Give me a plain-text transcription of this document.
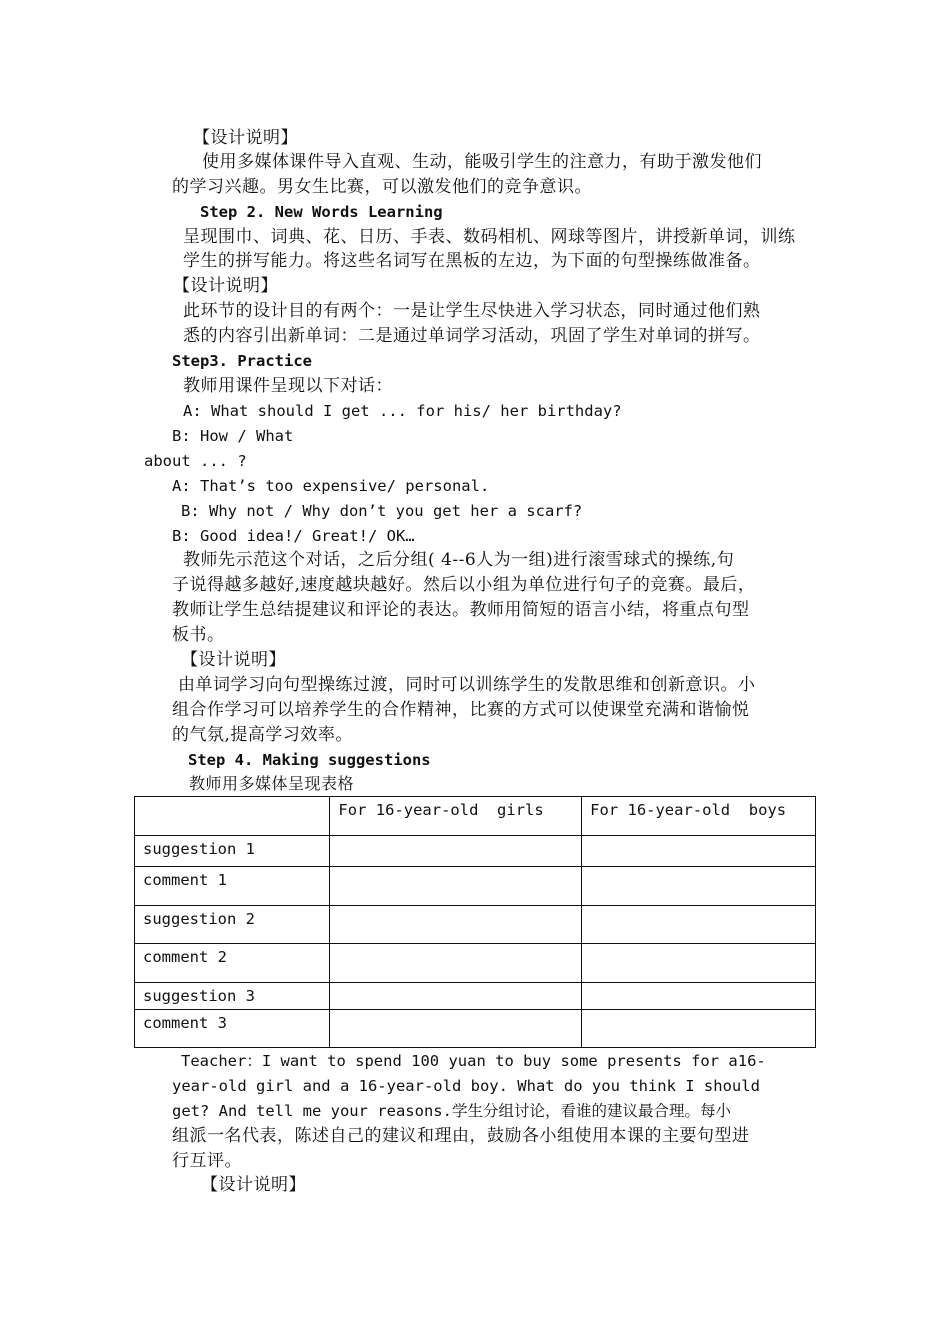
【设计说明】
使用多媒体课件导入直观、生动，能吸引学生的注意力，有助于激发他们
的学习兴趣。男女生比赛，可以激发他们的竞争意识。
Step 2. New Words Learning
呈现围巾、词典、花、日历、手表、数码相机、网球等图片，讲授新单词，训练
学生的拼写能力。将这些名词写在黑板的左边，为下面的句型操练做准备。
【设计说明】
此环节的设计目的有两个：一是让学生尽快进入学习状态，同时通过他们熟
悉的内容引出新单词：二是通过单词学习活动，巩固了学生对单词的拼写。
Step3. Practice
教师用课件呈现以下对话：
A: What should I get ... for his/ her birthday?
B: How / What
about ... ?
A: That’s too expensive/ personal.
B: Why not / Why don’t you get her a scarf?
B: Good idea!/ Great!/ OK…
教师先示范这个对话，之后分组( 4--6人为一组)进行滚雪球式的操练,句
子说得越多越好,速度越块越好。然后以小组为单位进行句子的竞赛。最后，
教师让学生总结提建议和评论的表达。教师用简短的语言小结，将重点句型
板书。
【设计说明】
由单词学习向句型操练过渡，同时可以训练学生的发散思维和创新意识。小
组合作学习可以培养学生的合作精神，比赛的方式可以使课堂充满和谐愉悦
的气氛,提高学习效率。
Step 4. Making suggestions
教师用多媒体呈现表格
	For 16-year-old  girls	For 16-year-old  boys
suggestion 1		
comment 1		
suggestion 2		
comment 2		
suggestion 3		
comment 3		
Teacher：I want to spend 100 yuan to buy some presents for a16-
year-old girl and a 16-year-old boy. What do you think I should
get? And tell me your reasons.学生分组讨论，看谁的建议最合理。每小
组派一名代表，陈述自己的建议和理由，鼓励各小组使用本课的主要句型进
行互评。
【设计说明】
